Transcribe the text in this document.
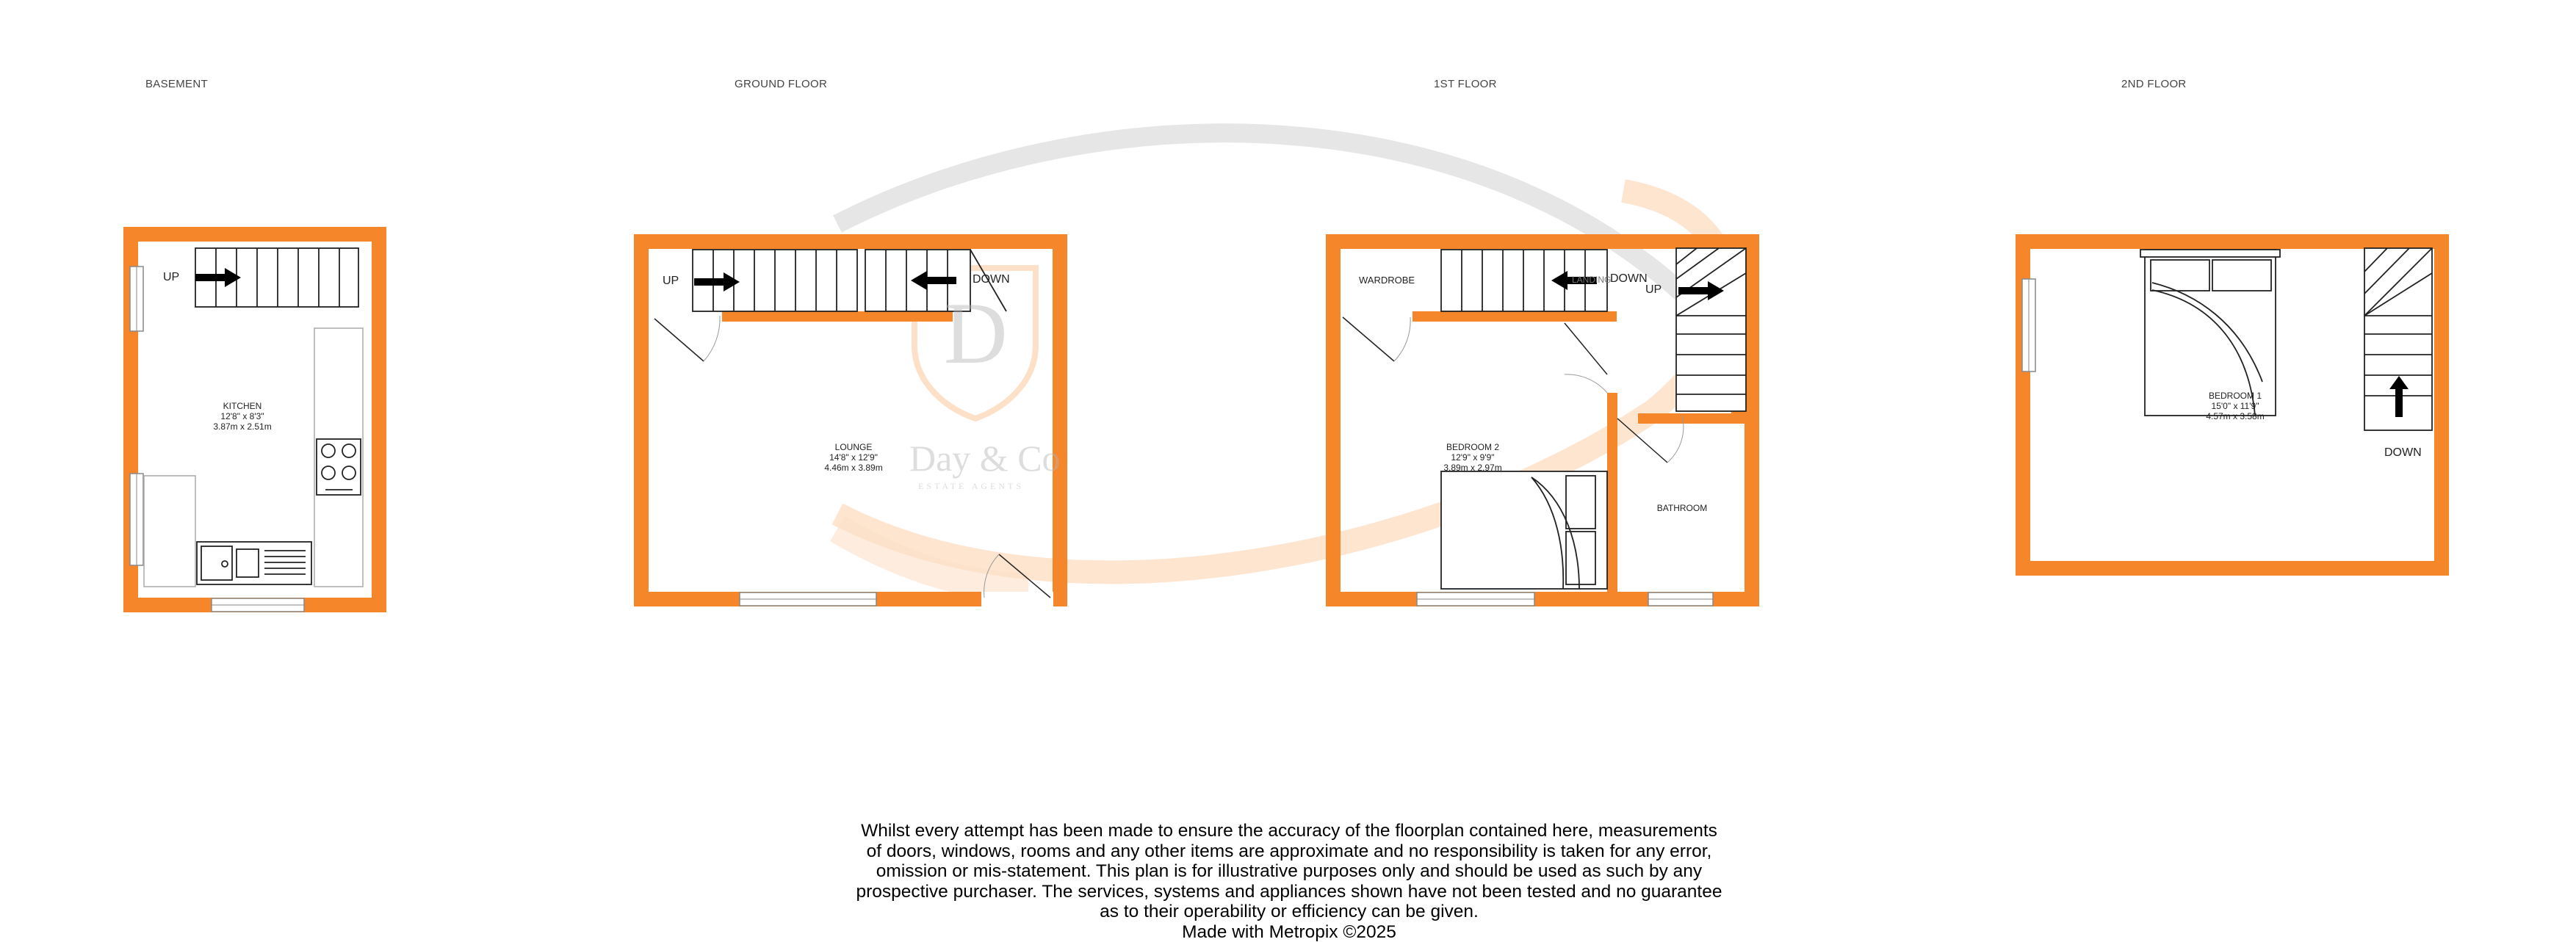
BASEMENT	GROUND FLOOR	1ST FLOOR	2ND FLOOR
D
Day & Co
ESTATE AGENTS
UP
KITCHEN
12'8" x 8'3"
3.87m x 2.51m
UP	DOWN
LOUNGE
14'8" x 12'9"
4.46m x 3.89m
WARDROBE	LANDING
DOWN
UP
BEDROOM 2
12'9" x 9'9"
3.89m x 2.97m
BATHROOM
BEDROOM 1
15'0" x 11'9"
4.57m x 3.58m
DOWN
Whilst every attempt has been made to ensure the accuracy of the floorplan contained here, measurements
of doors, windows, rooms and any other items are approximate and no responsibility is taken for any error,
omission or mis-statement. This plan is for illustrative purposes only and should be used as such by any
prospective purchaser. The services, systems and appliances shown have not been tested and no guarantee
as to their operability or efficiency can be given.
Made with Metropix ©2025
